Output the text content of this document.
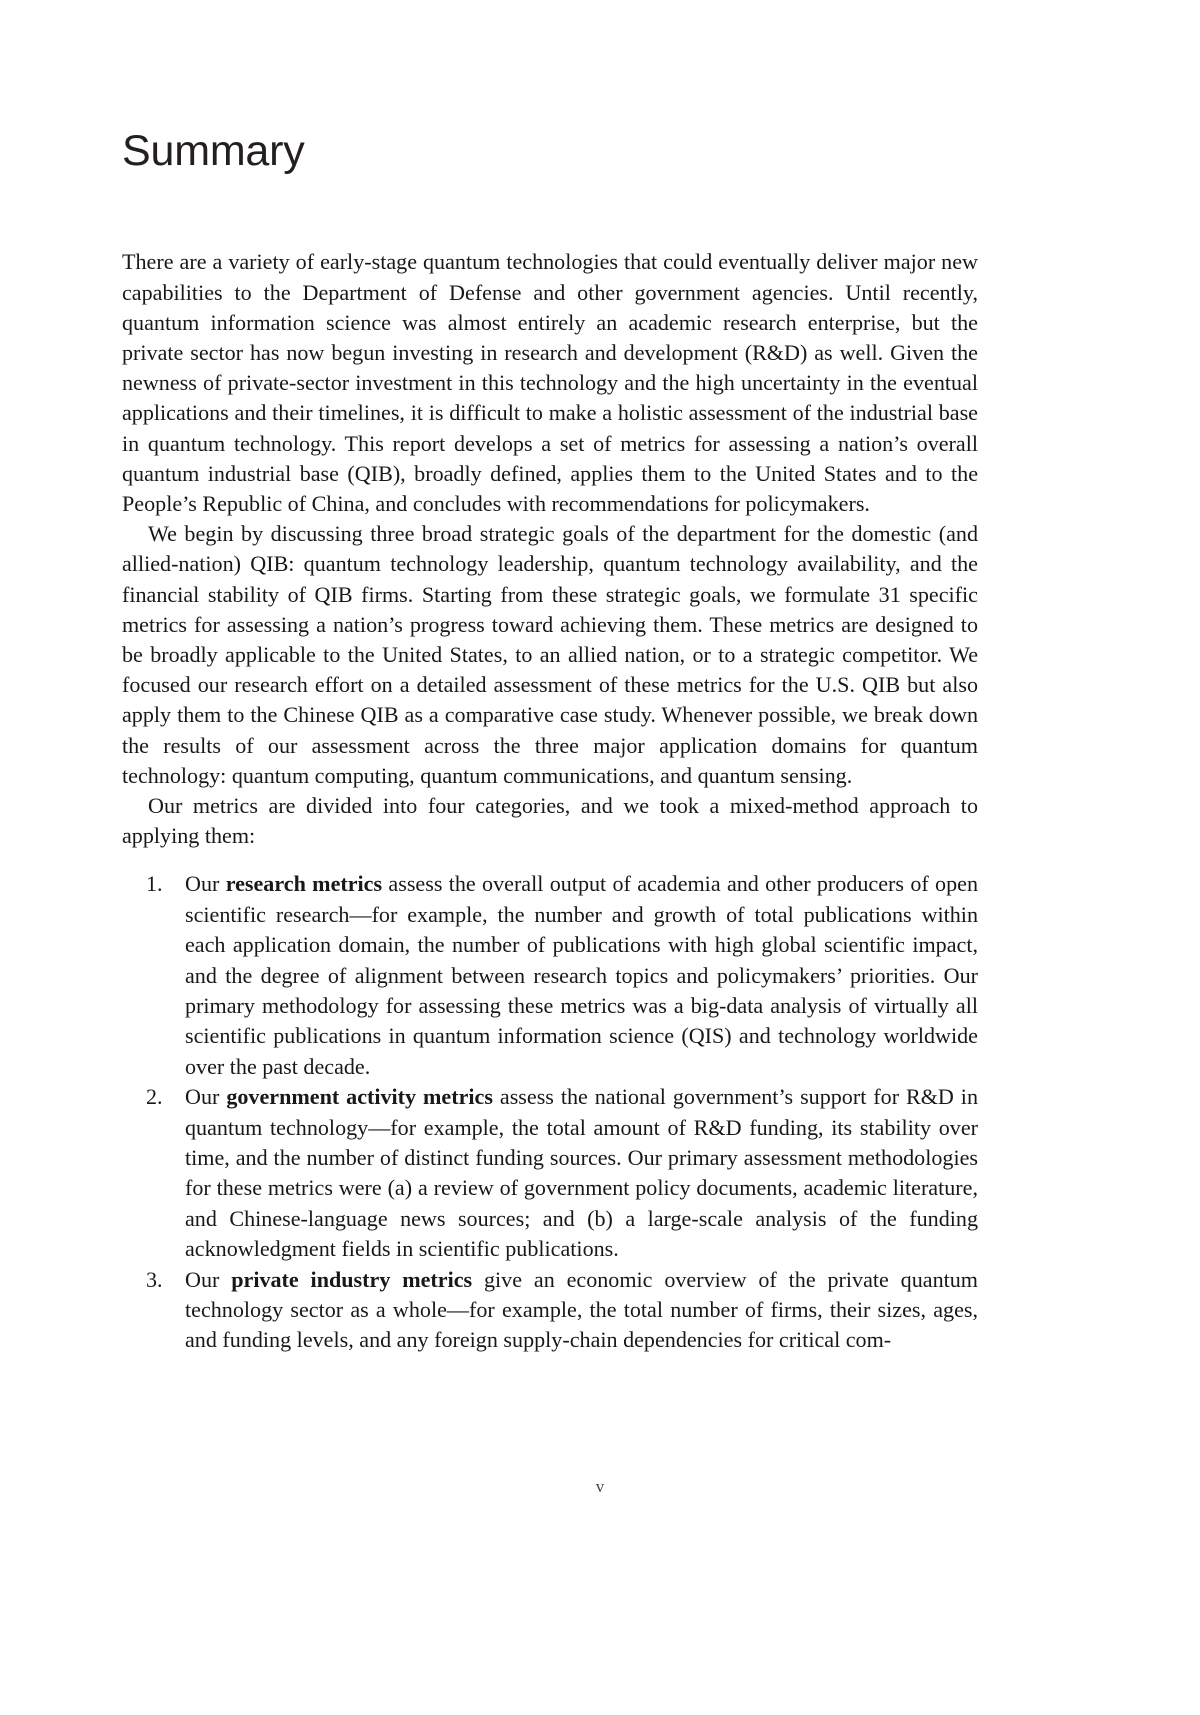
Summary

There are a variety of early-stage quantum technologies that could eventually deliver major new capabilities to the Department of Defense and other government agencies. Until recently, quantum information science was almost entirely an academic research enterprise, but the private sector has now begun investing in research and development (R&D) as well. Given the newness of private-sector investment in this technology and the high uncertainty in the eventual applications and their timelines, it is difficult to make a holistic assessment of the industrial base in quantum technology. This report develops a set of metrics for assessing a nation’s overall quantum industrial base (QIB), broadly defined, applies them to the United States and to the People’s Republic of China, and concludes with recommendations for policymakers.

We begin by discussing three broad strategic goals of the department for the domestic (and allied-nation) QIB: quantum technology leadership, quantum technology availability, and the financial stability of QIB firms. Starting from these strategic goals, we formulate 31 specific metrics for assessing a nation’s progress toward achieving them. These metrics are designed to be broadly applicable to the United States, to an allied nation, or to a strategic competitor. We focused our research effort on a detailed assessment of these metrics for the U.S. QIB but also apply them to the Chinese QIB as a comparative case study. Whenever possible, we break down the results of our assessment across the three major application domains for quantum technology: quantum computing, quantum communications, and quantum sensing.

Our metrics are divided into four categories, and we took a mixed-method approach to applying them:

1.	Our research metrics assess the overall output of academia and other producers of open scientific research—for example, the number and growth of total publications within each application domain, the number of publications with high global scientific impact, and the degree of alignment between research topics and policymakers’ priorities. Our primary methodology for assessing these metrics was a big-data analysis of virtually all scientific publications in quantum information science (QIS) and technology worldwide over the past decade.
2.	Our government activity metrics assess the national government’s support for R&D in quantum technology—for example, the total amount of R&D funding, its stability over time, and the number of distinct funding sources. Our primary assessment methodologies for these metrics were (a) a review of government policy documents, academic literature, and Chinese-language news sources; and (b) a large-scale analysis of the funding acknowledgment fields in scientific publications.
3.	Our private industry metrics give an economic overview of the private quantum technology sector as a whole—for example, the total number of firms, their sizes, ages, and funding levels, and any foreign supply-chain dependencies for critical com-
v
